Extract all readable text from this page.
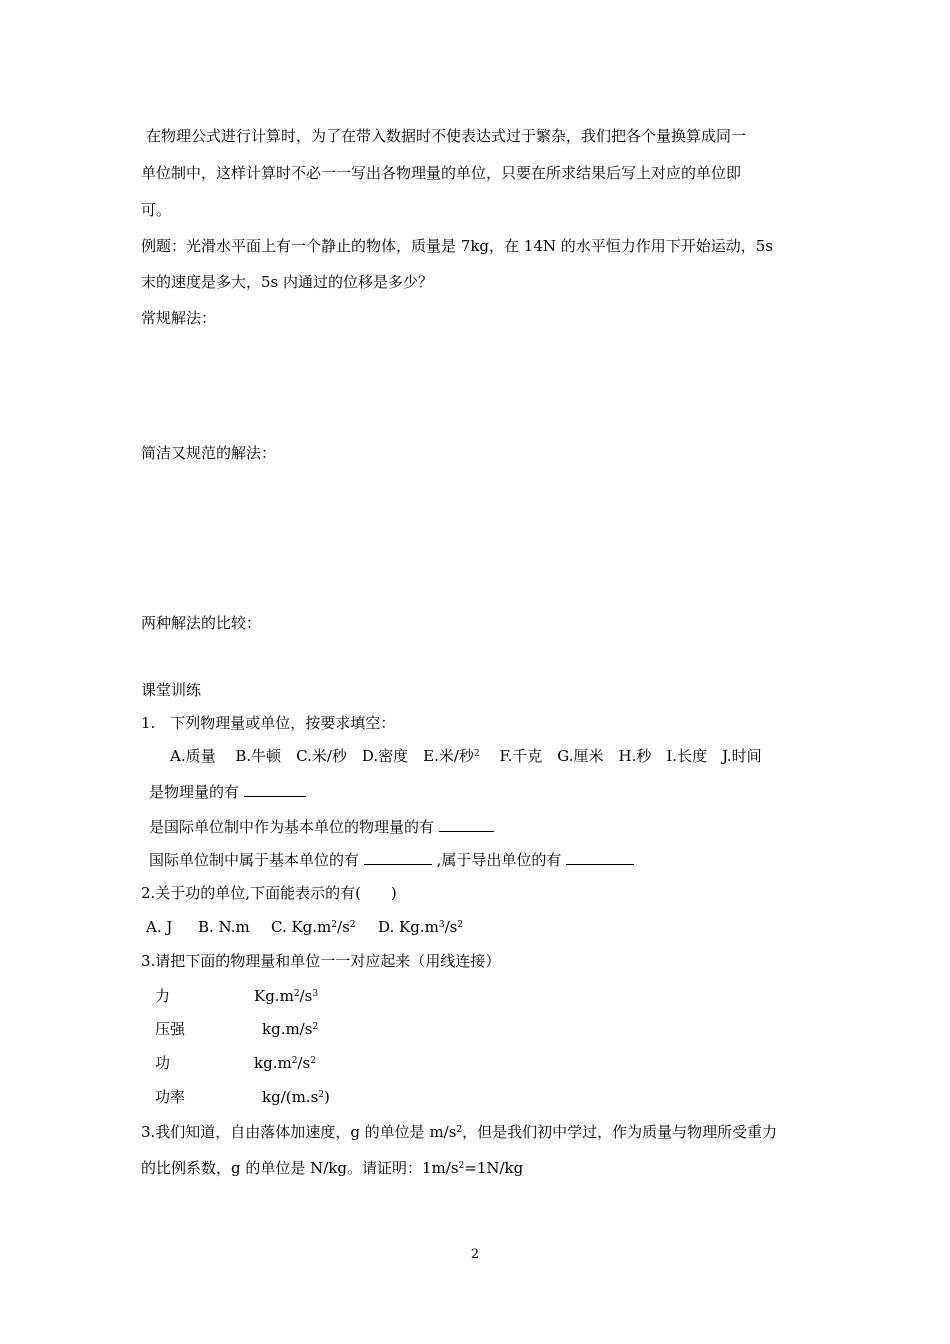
在物理公式进行计算时，为了在带入数据时不使表达式过于繁杂，我们把各个量换算成同一
单位制中，这样计算时不必一一写出各物理量的单位，只要在所求结果后写上对应的单位即
可。
例题：光滑水平面上有一个静止的物体，质量是 7kg，在 14N 的水平恒力作用下开始运动，5s
末的速度是多大，5s 内通过的位移是多少？
常规解法：
简洁又规范的解法：
两种解法的比较：
课堂训练
1.　下列物理量或单位，按要求填空：
A.质量　 B.牛顿　C.米/秒　D.密度　E.米/秒$^2$　 F.千克　G.厘米　H.秒　I.长度　J.时间
是物理量的有
是国际单位制中作为基本单位的物理量的有
国际单位制中属于基本单位的有	,属于导出单位的有
2.关于功的单位,下面能表示的有(　　)
A. J B. N.m C. $Kg.m^2/s^2$ D. $Kg.m^3/s^2$
3.请把下面的物理量和单位一一对应起来（用线连接）
力	$Kg.m^2/s^3$
压强	$kg.m/s^2$
功	$kg.m^2/s^2$
功率	$kg/(m.s^2)$
3.我们知道，自由落体加速度，g 的单位是 $m/s^2$，但是我们初中学过，作为质量与物理所受重力
的比例系数，g 的单位是 N/kg。请证明：$1m/s^2=1N/kg$
2
